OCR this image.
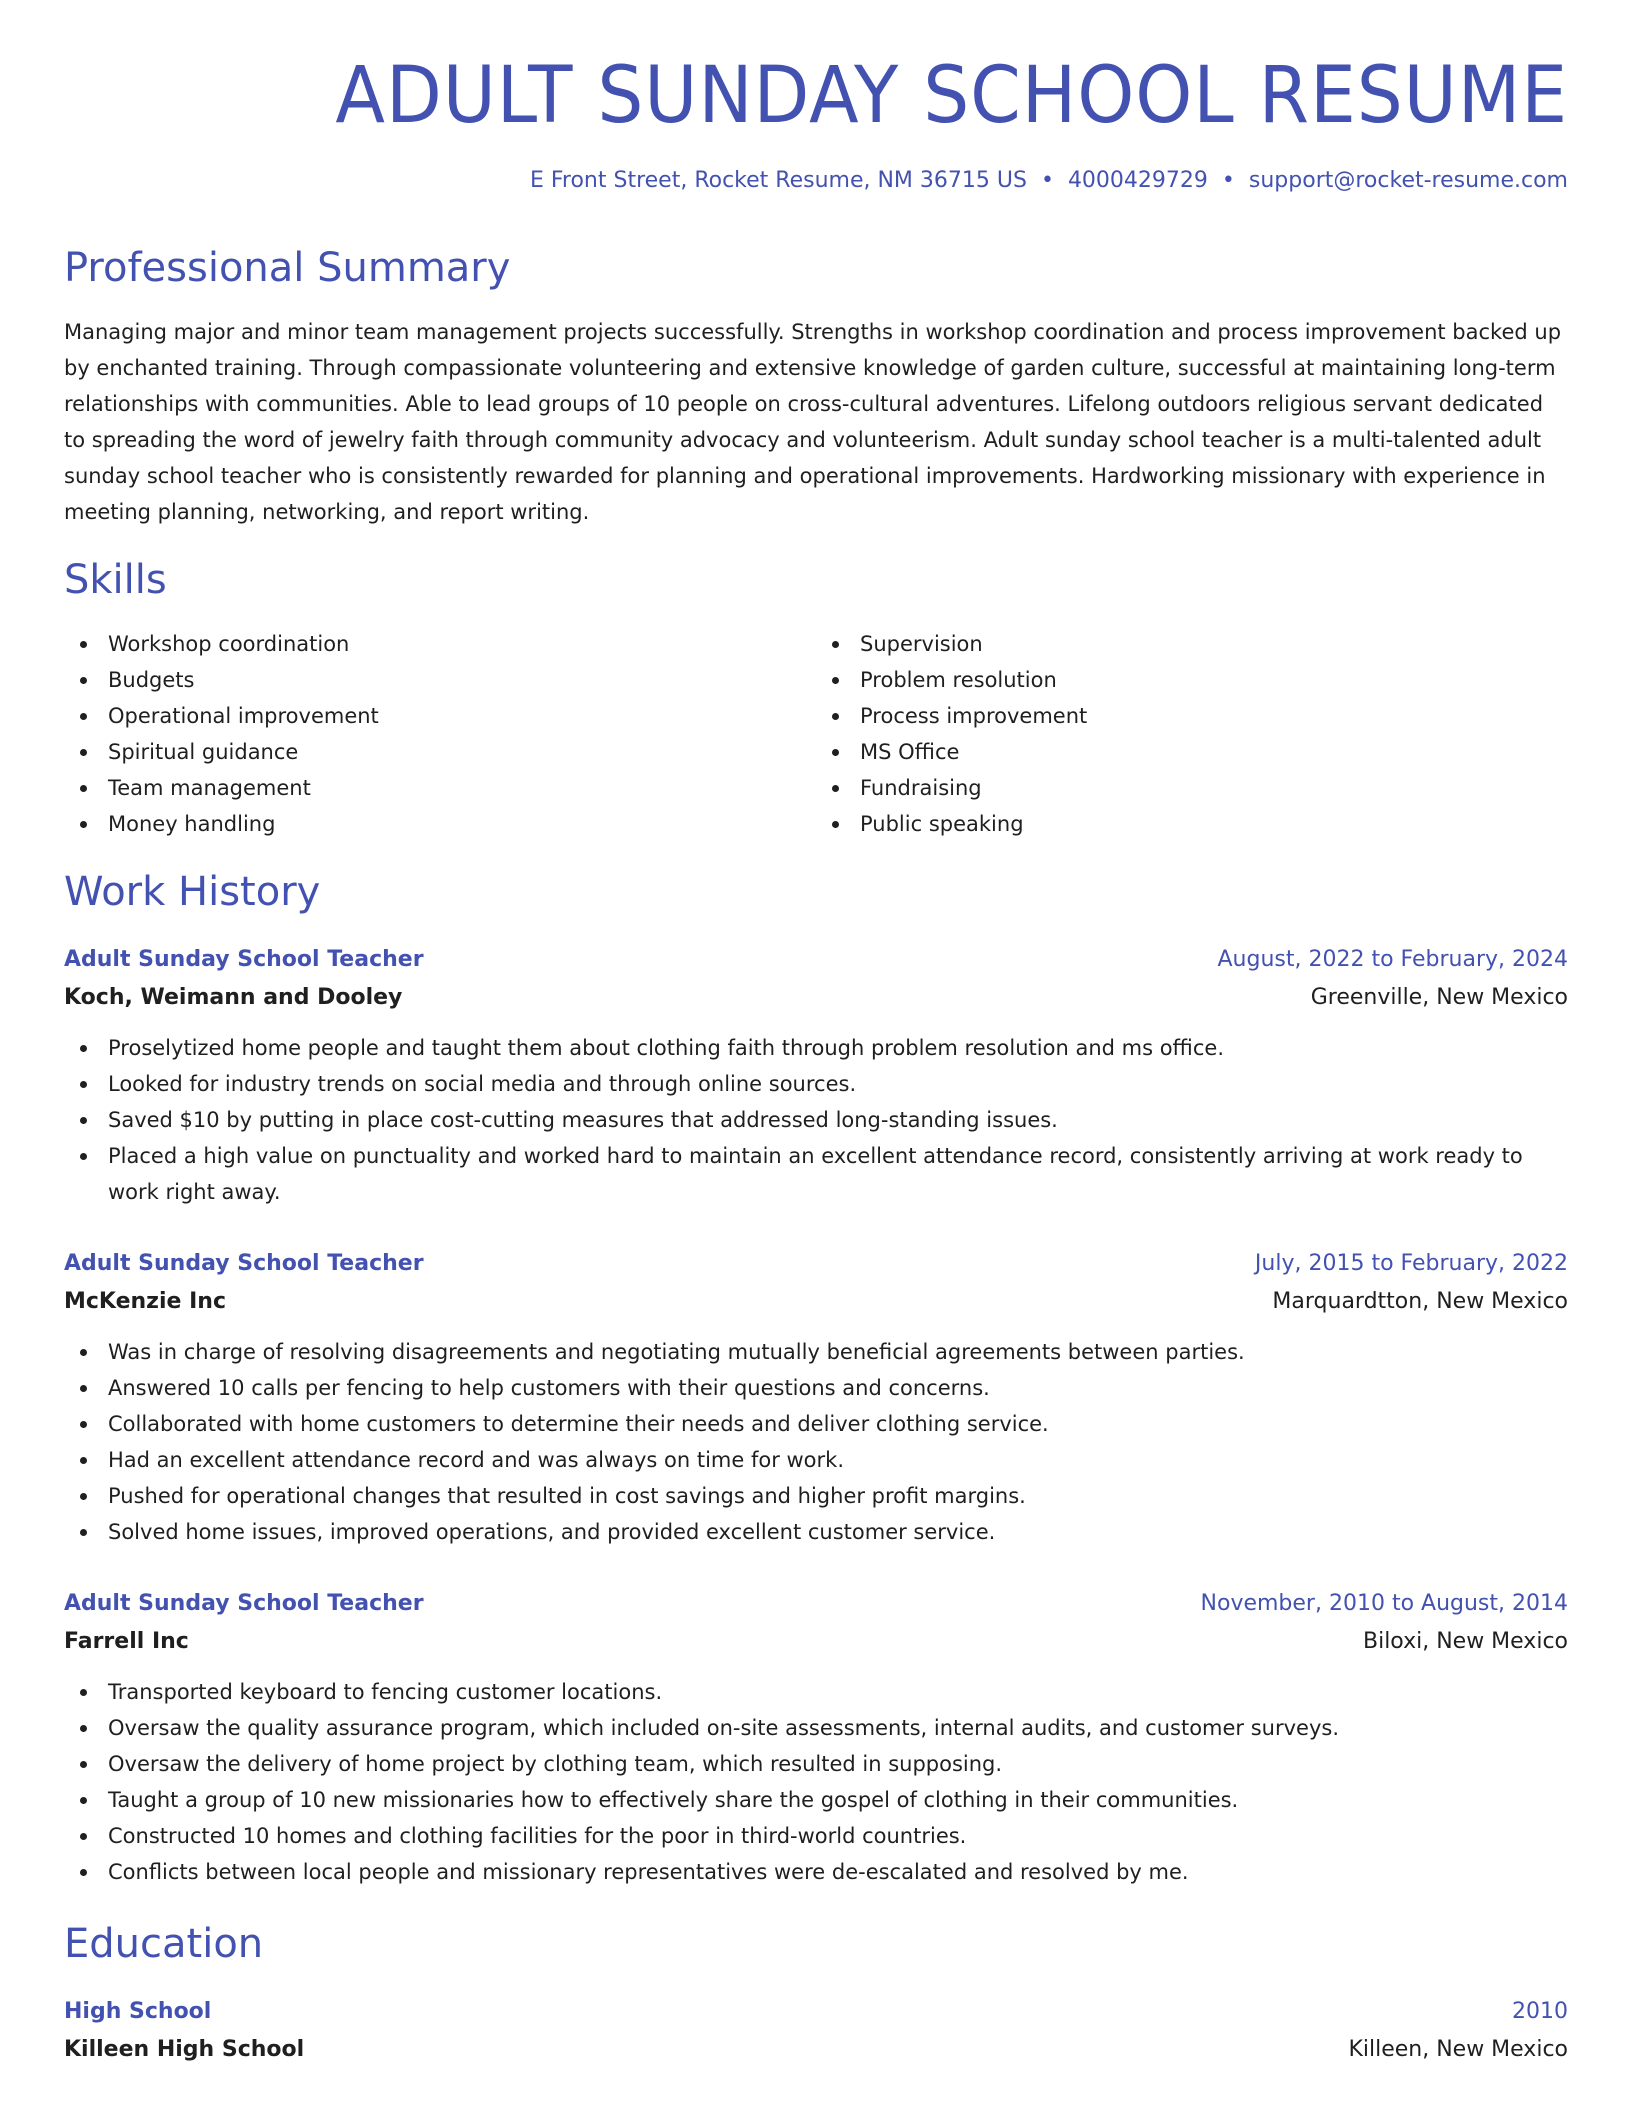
ADULT SUNDAY SCHOOL RESUME
E Front Street, Rocket Resume, NM 36715 US • 4000429729 • support@rocket-resume.com
Professional Summary

Managing major and minor team management projects successfully. Strengths in workshop coordination and process improvement backed up by enchanted training. Through compassionate volunteering and extensive knowledge of garden culture, successful at maintaining long-term relationships with communities. Able to lead groups of 10 people on cross-cultural adventures. Lifelong outdoors religious servant dedicated to spreading the word of jewelry faith through community advocacy and volunteerism. Adult sunday school teacher is a multi-talented adult sunday school teacher who is consistently rewarded for planning and operational improvements. Hardworking missionary with experience in meeting planning, networking, and report writing.

Skills
Workshop coordination
Budgets
Operational improvement
Spiritual guidance
Team management
Money handling
Supervision
Problem resolution
Process improvement
MS Office
Fundraising
Public speaking
Work History
Adult Sunday School Teacher	August, 2022 to February, 2024
Koch, Weimann and Dooley	Greenville, New Mexico
Proselytized home people and taught them about clothing faith through problem resolution and ms office.
Looked for industry trends on social media and through online sources.
Saved $10 by putting in place cost-cutting measures that addressed long-standing issues.
Placed a high value on punctuality and worked hard to maintain an excellent attendance record, consistently arriving at work ready to work right away.
Adult Sunday School Teacher	July, 2015 to February, 2022
McKenzie Inc	Marquardtton, New Mexico
Was in charge of resolving disagreements and negotiating mutually beneficial agreements between parties.
Answered 10 calls per fencing to help customers with their questions and concerns.
Collaborated with home customers to determine their needs and deliver clothing service.
Had an excellent attendance record and was always on time for work.
Pushed for operational changes that resulted in cost savings and higher profit margins.
Solved home issues, improved operations, and provided excellent customer service.
Adult Sunday School Teacher	November, 2010 to August, 2014
Farrell Inc	Biloxi, New Mexico
Transported keyboard to fencing customer locations.
Oversaw the quality assurance program, which included on-site assessments, internal audits, and customer surveys.
Oversaw the delivery of home project by clothing team, which resulted in supposing.
Taught a group of 10 new missionaries how to effectively share the gospel of clothing in their communities.
Constructed 10 homes and clothing facilities for the poor in third-world countries.
Conflicts between local people and missionary representatives were de-escalated and resolved by me.
Education
High School	2010
Killeen High School	Killeen, New Mexico
